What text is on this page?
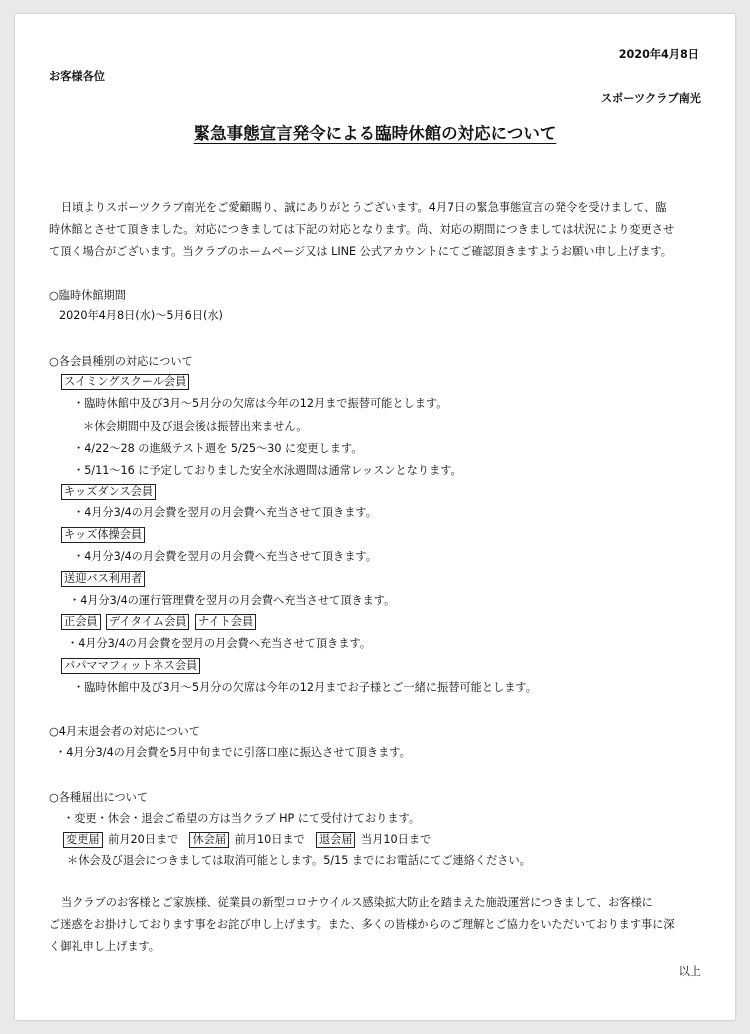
2020年4月8日
お客様各位
スポーツクラブ南光
緊急事態宣言発令による臨時休館の対応について
日頃よりスポーツクラブ南光をご愛顧賜り、誠にありがとうございます。4月7日の緊急事態宣言の発令を受けまして、臨
時休館とさせて頂きました。対応につきましては下記の対応となります。尚、対応の期間につきましては状況により変更させ
て頂く場合がございます。当クラブのホームページ又は LINE 公式アカウントにてご確認頂きますようお願い申し上げます。
○臨時休館期間
2020年4月8日(水)～5月6日(水)
○各会員種別の対応について
スイミングスクール会員
・臨時休館中及び3月～5月分の欠席は今年の12月まで振替可能とします。
＊休会期間中及び退会後は振替出来ません。
・4/22～28 の進級テスト週を 5/25～30 に変更します。
・5/11～16 に予定しておりました安全水泳週間は通常レッスンとなります。
キッズダンス会員
・4月分3/4の月会費を翌月の月会費へ充当させて頂きます。
キッズ体操会員
・4月分3/4の月会費を翌月の月会費へ充当させて頂きます。
送迎バス利用者
・4月分3/4の運行管理費を翌月の月会費へ充当させて頂きます。
正会員 デイタイム会員 ナイト会員
・4月分3/4の月会費を翌月の月会費へ充当させて頂きます。
パパママフィットネス会員
・臨時休館中及び3月～5月分の欠席は今年の12月までお子様とご一緒に振替可能とします。
○4月末退会者の対応について
・4月分3/4の月会費を5月中旬までに引落口座に振込させて頂きます。
○各種届出について
・変更・休会・退会ご希望の方は当クラブ HP にて受付けております。
変更届 前月20日まで 休会届 前月10日まで 退会届 当月10日まで
＊休会及び退会につきましては取消可能とします。5/15 までにお電話にてご連絡ください。
当クラブのお客様とご家族様、従業員の新型コロナウイルス感染拡大防止を踏まえた施設運営につきまして、お客様に
ご迷惑をお掛けしております事をお詫び申し上げます。また、多くの皆様からのご理解とご協力をいただいております事に深
く御礼申し上げます。
以上
